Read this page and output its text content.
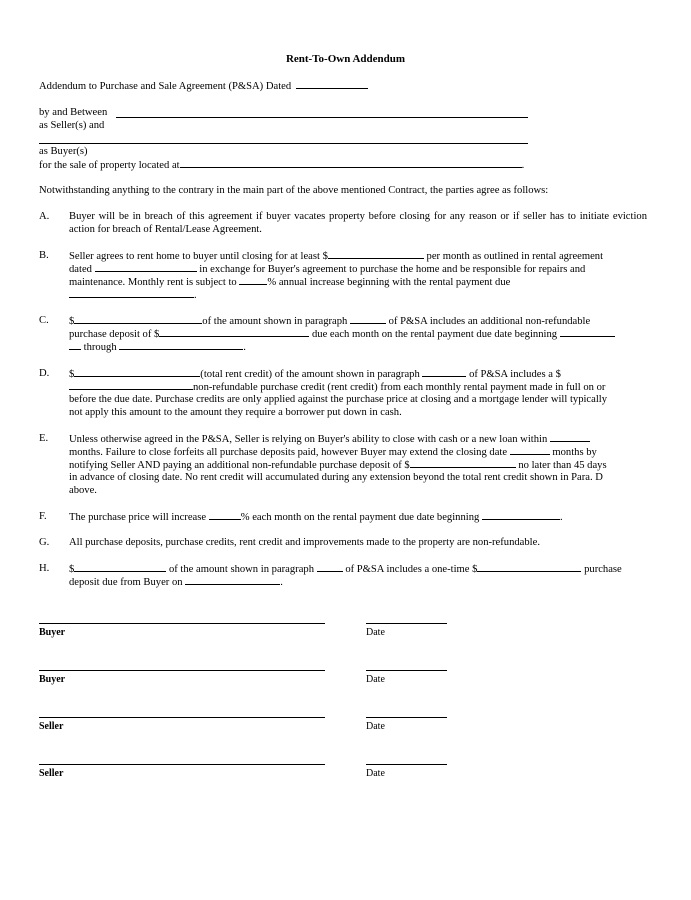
Rent-To-Own Addendum
Addendum to Purchase and Sale Agreement (P&SA) Dated
by and Between
as Seller(s) and
as Buyer(s)
for the sale of property located at	.
Notwithstanding anything to the contrary in the main part of the above mentioned Contract, the parties agree as follows:
A. Buyer will be in breach of this agreement if buyer vacates property before closing for any reason or if seller has to initiate eviction action for breach of Rental/Lease Agreement.
B. Seller agrees to rent home to buyer until closing for at least $	per month as outlined in rental agreement
dated	in exchange for Buyer's agreement to purchase the home and be responsible for repairs and
maintenance. Monthly rent is subject to	% annual increase beginning with the rental payment due
.
C. $	of the amount shown in paragraph	of P&SA includes an additional non-refundable
purchase deposit of $	due each month on the rental payment due date beginning
through	.
D. $	(total rent credit) of the amount shown in paragraph	of P&SA includes a $
non-refundable purchase credit (rent credit) from each monthly rental payment made in full on or
before the due date. Purchase credits are only applied against the purchase price at closing and a mortgage lender will typically
not apply this amount to the amount they require a borrower put down in cash.
E. Unless otherwise agreed in the P&SA, Seller is relying on Buyer's ability to close with cash or a new loan within
months. Failure to close forfeits all purchase deposits paid, however Buyer may extend the closing date	months by
notifying Seller AND paying an additional non-refundable purchase deposit of $	no later than 45 days
in advance of closing date. No rent credit will accumulated during any extension beyond the total rent credit shown in Para. D
above.
F. The purchase price will increase	% each month on the rental payment due date beginning	.
G. All purchase deposits, purchase credits, rent credit and improvements made to the property are non-refundable.
H. $	of the amount shown in paragraph	of P&SA includes a one-time $	purchase
deposit due from Buyer on	.
Buyer	Date
Buyer	Date
Seller	Date
Seller	Date
